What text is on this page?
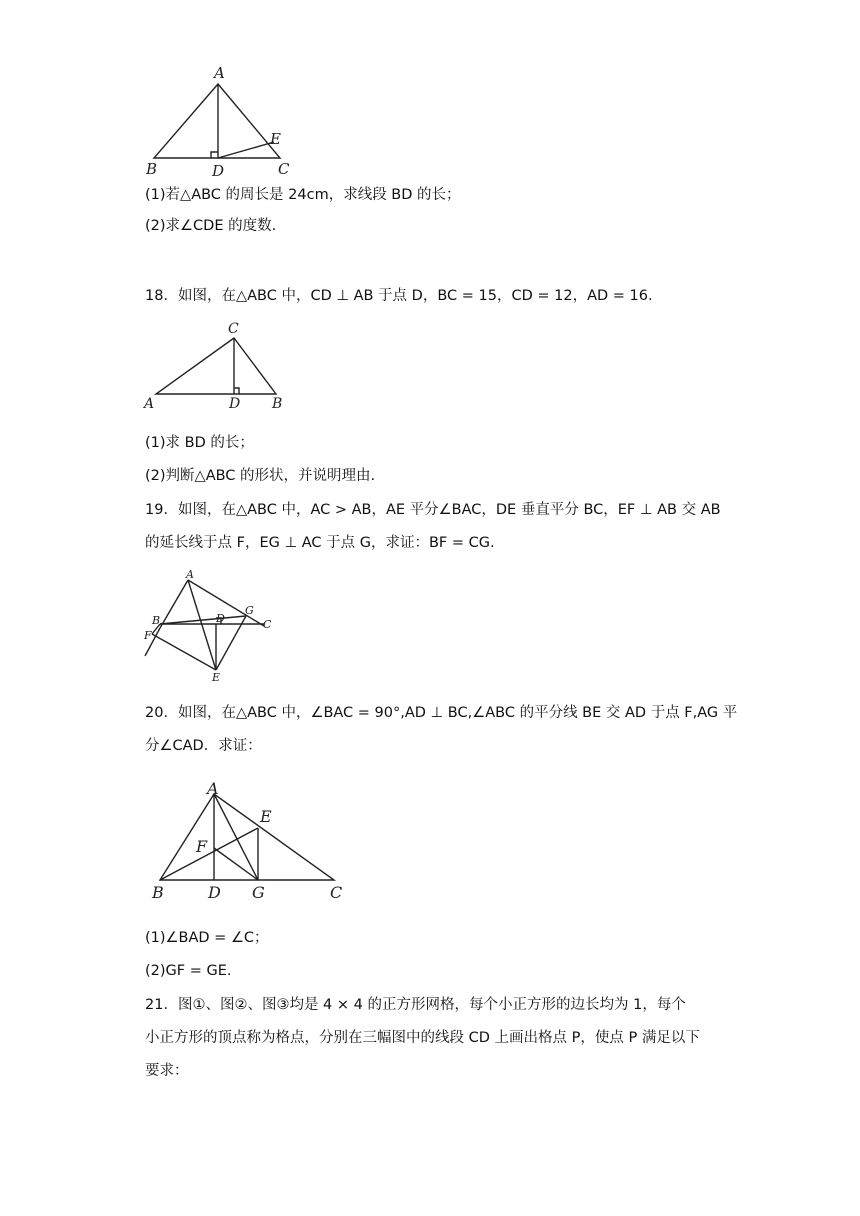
A
B	D	C
E
(1)若△ABC 的周长是 24cm，求线段 BD 的长；
(2)求∠CDE 的度数.
18．如图，在△ABC 中，CD ⊥ AB 于点 D，BC = 15，CD = 12，AD = 16.
C
A	D B
(1)求 BD 的长；
(2)判断△ABC 的形状，并说明理由.
19．如图，在△ABC 中，AC > AB，AE 平分∠BAC，DE 垂直平分 BC，EF ⊥ AB 交 AB
的延长线于点 F，EG ⊥ AC 于点 G，求证：BF = CG.
A
B
F
D
G
C
E
20．如图，在△ABC 中，∠BAC = 90°,AD ⊥ BC,∠ABC 的平分线 BE 交 AD 于点 F,AG 平
分∠CAD．求证：
A
B	D G	C
F
E
(1)∠BAD = ∠C；
(2)GF = GE.
21．图①、图②、图③均是 4 × 4 的正方形网格，每个小正方形的边长均为 1，每个
小正方形的顶点称为格点，分别在三幅图中的线段 CD 上画出格点 P，使点 P 满足以下
要求：
